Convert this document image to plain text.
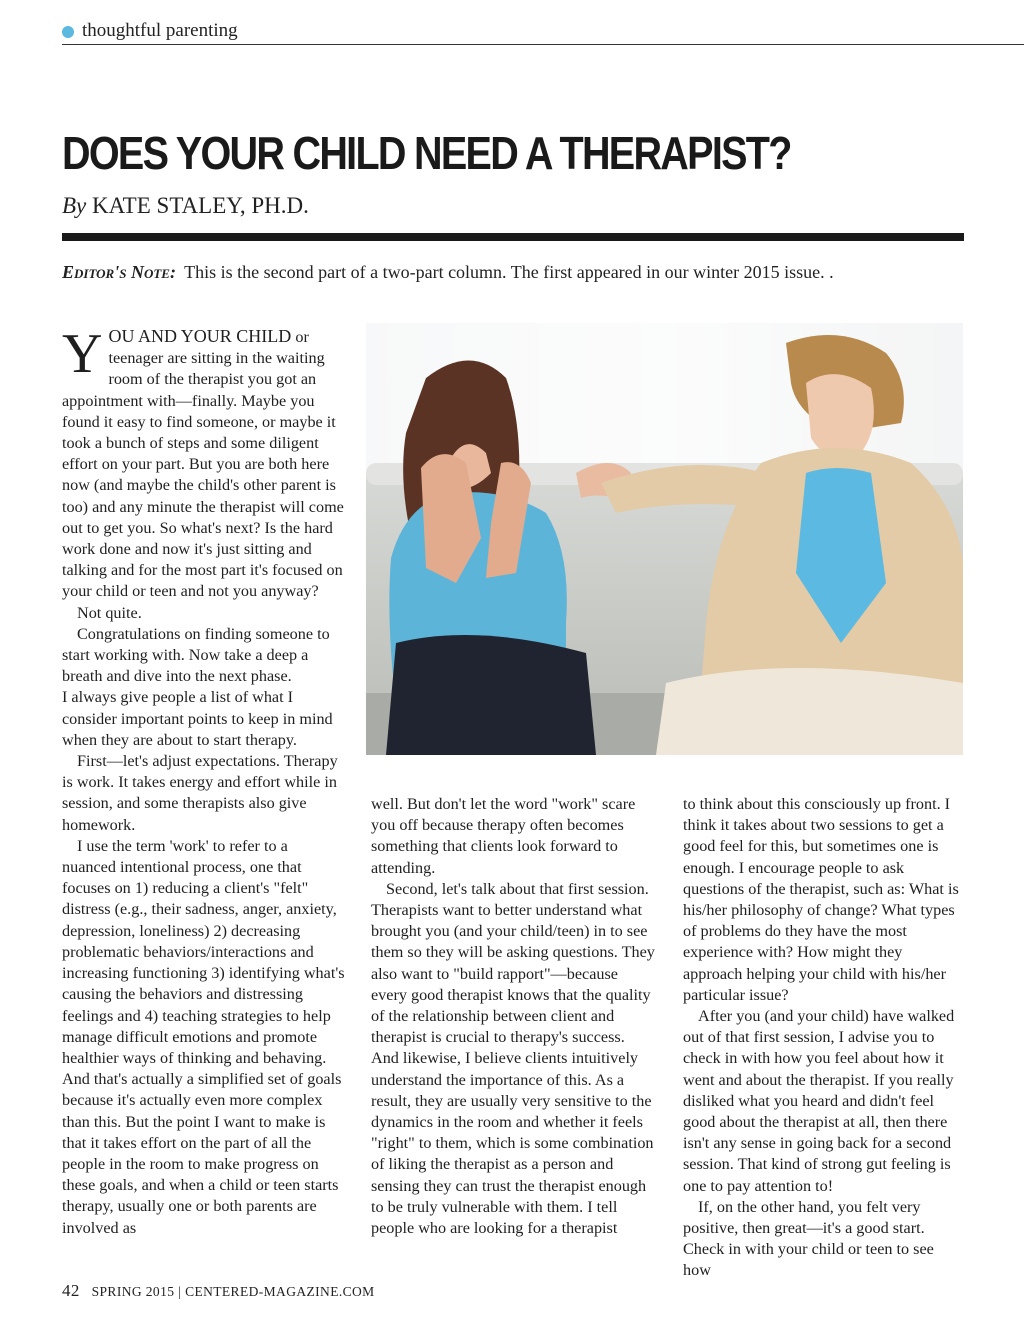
thoughtful parenting
DOES YOUR CHILD NEED A THERAPIST?
By KATE STALEY, PH.D.
Editor's Note: This is the second part of a two-part column. The first appeared in our winter 2015 issue. .

YOU AND YOUR CHILD or teenager are sitting in the waiting room of the therapist you got an appointment with—finally. Maybe you found it easy to find someone, or maybe it took a bunch of steps and some diligent effort on your part. But you are both here now (and maybe the child's other parent is too) and any minute the therapist will come out to get you. So what's next? Is the hard work done and now it's just sitting and talking and for the most part it's focused on your child or teen and not you anyway?

Not quite.

Congratulations on finding someone to start working with. Now take a deep a breath and dive into the next phase.

I always give people a list of what I consider important points to keep in mind when they are about to start therapy.

First—let's adjust expectations. Therapy is work. It takes energy and effort while in session, and some therapists also give homework.

I use the term 'work' to refer to a nuanced intentional process, one that focuses on 1) reducing a client's "felt" distress (e.g., their sadness, anger, anxiety, depression, loneliness) 2) decreasing problematic behaviors/interactions and increasing functioning 3) identifying what's causing the behaviors and distressing feelings and 4) teaching strategies to help manage difficult emotions and promote healthier ways of thinking and behaving. And that's actually a simplified set of goals because it's actually even more complex than this. But the point I want to make is that it takes effort on the part of all the people in the room to make progress on these goals, and when a child or teen starts therapy, usually one or both parents are involved as

well. But don't let the word "work" scare you off because therapy often becomes something that clients look forward to attending.

Second, let's talk about that first session. Therapists want to better understand what brought you (and your child/teen) in to see them so they will be asking questions. They also want to "build rapport"—because every good therapist knows that the quality of the relationship between client and therapist is crucial to therapy's success. And likewise, I believe clients intuitively understand the importance of this. As a result, they are usually very sensitive to the dynamics in the room and whether it feels "right" to them, which is some combination of liking the therapist as a person and sensing they can trust the therapist enough to be truly vulnerable with them. I tell people who are looking for a therapist

to think about this consciously up front. I think it takes about two sessions to get a good feel for this, but sometimes one is enough. I encourage people to ask questions of the therapist, such as: What is his/her philosophy of change? What types of problems do they have the most experience with? How might they approach helping your child with his/her particular issue?

After you (and your child) have walked out of that first session, I advise you to check in with how you feel about how it went and about the therapist. If you really disliked what you heard and didn't feel good about the therapist at all, then there isn't any sense in going back for a second session. That kind of strong gut feeling is one to pay attention to!

If, on the other hand, you felt very positive, then great—it's a good start. Check in with your child or teen to see how

42 SPRING 2015 | CENTERED-MAGAZINE.COM
